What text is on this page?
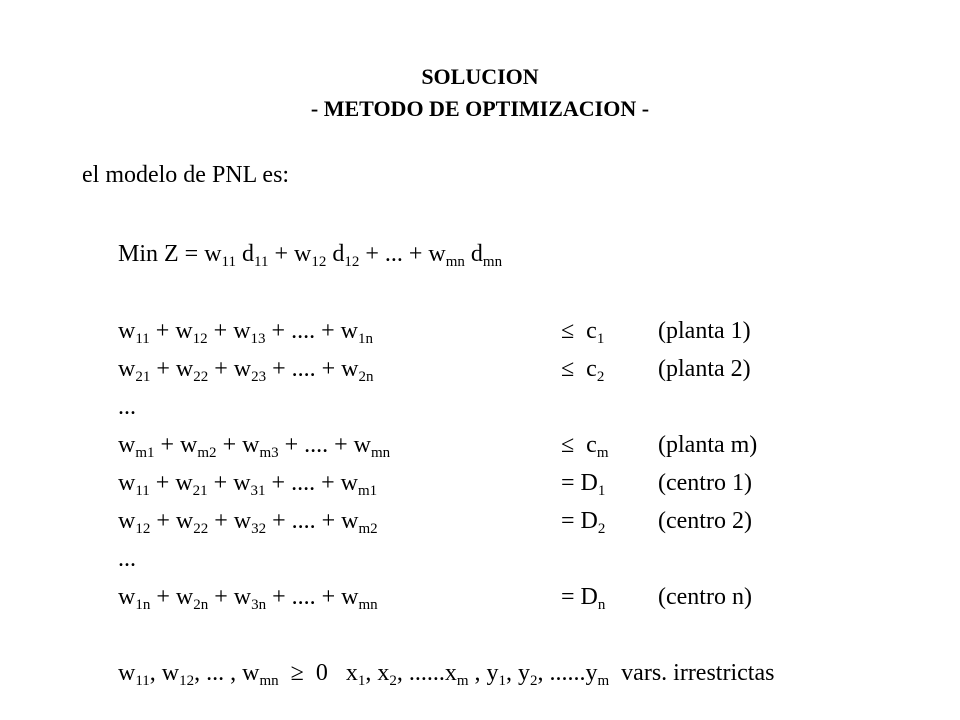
SOLUCION
- METODO DE OPTIMIZACION -
el modelo de PNL es:
Min $Z = w_{11}$ $d_{11} + w_{12}$ $d_{12}$ + ... + $w_{mn}$ $d_{mn}$
$w_{11} + w_{12} + w_{13}$ + .... + $w_{1n}$	≤  $c_1$ (planta 1)
$w_{21} + w_{22} + w_{23}$ + .... + $w_{2n}$	≤  $c_2$ (planta 2)
...
$w_{m1} + w_{m2} + w_{m3}$ + .... + $w_{mn}$	≤  $c_m$ (planta m)
$w_{11} + w_{21} + w_{31}$ + .... + $w_{m1}$	= $D_1$ (centro 1)
$w_{12} + w_{22} + w_{32}$ + .... + $w_{m2}$	= $D_2$ (centro 2)
...
$w_{1n} + w_{2n} + w_{3n}$ + .... + $w_{mn}$	= $D_n$ (centro n)
$w_{11}$, $w_{12}$, ... , $w_{mn} \ge 0$   $x_1$, $x_2$, $......x_m$ , $y_1$, $y_2$, $......y_m$  vars. irrestrictas
